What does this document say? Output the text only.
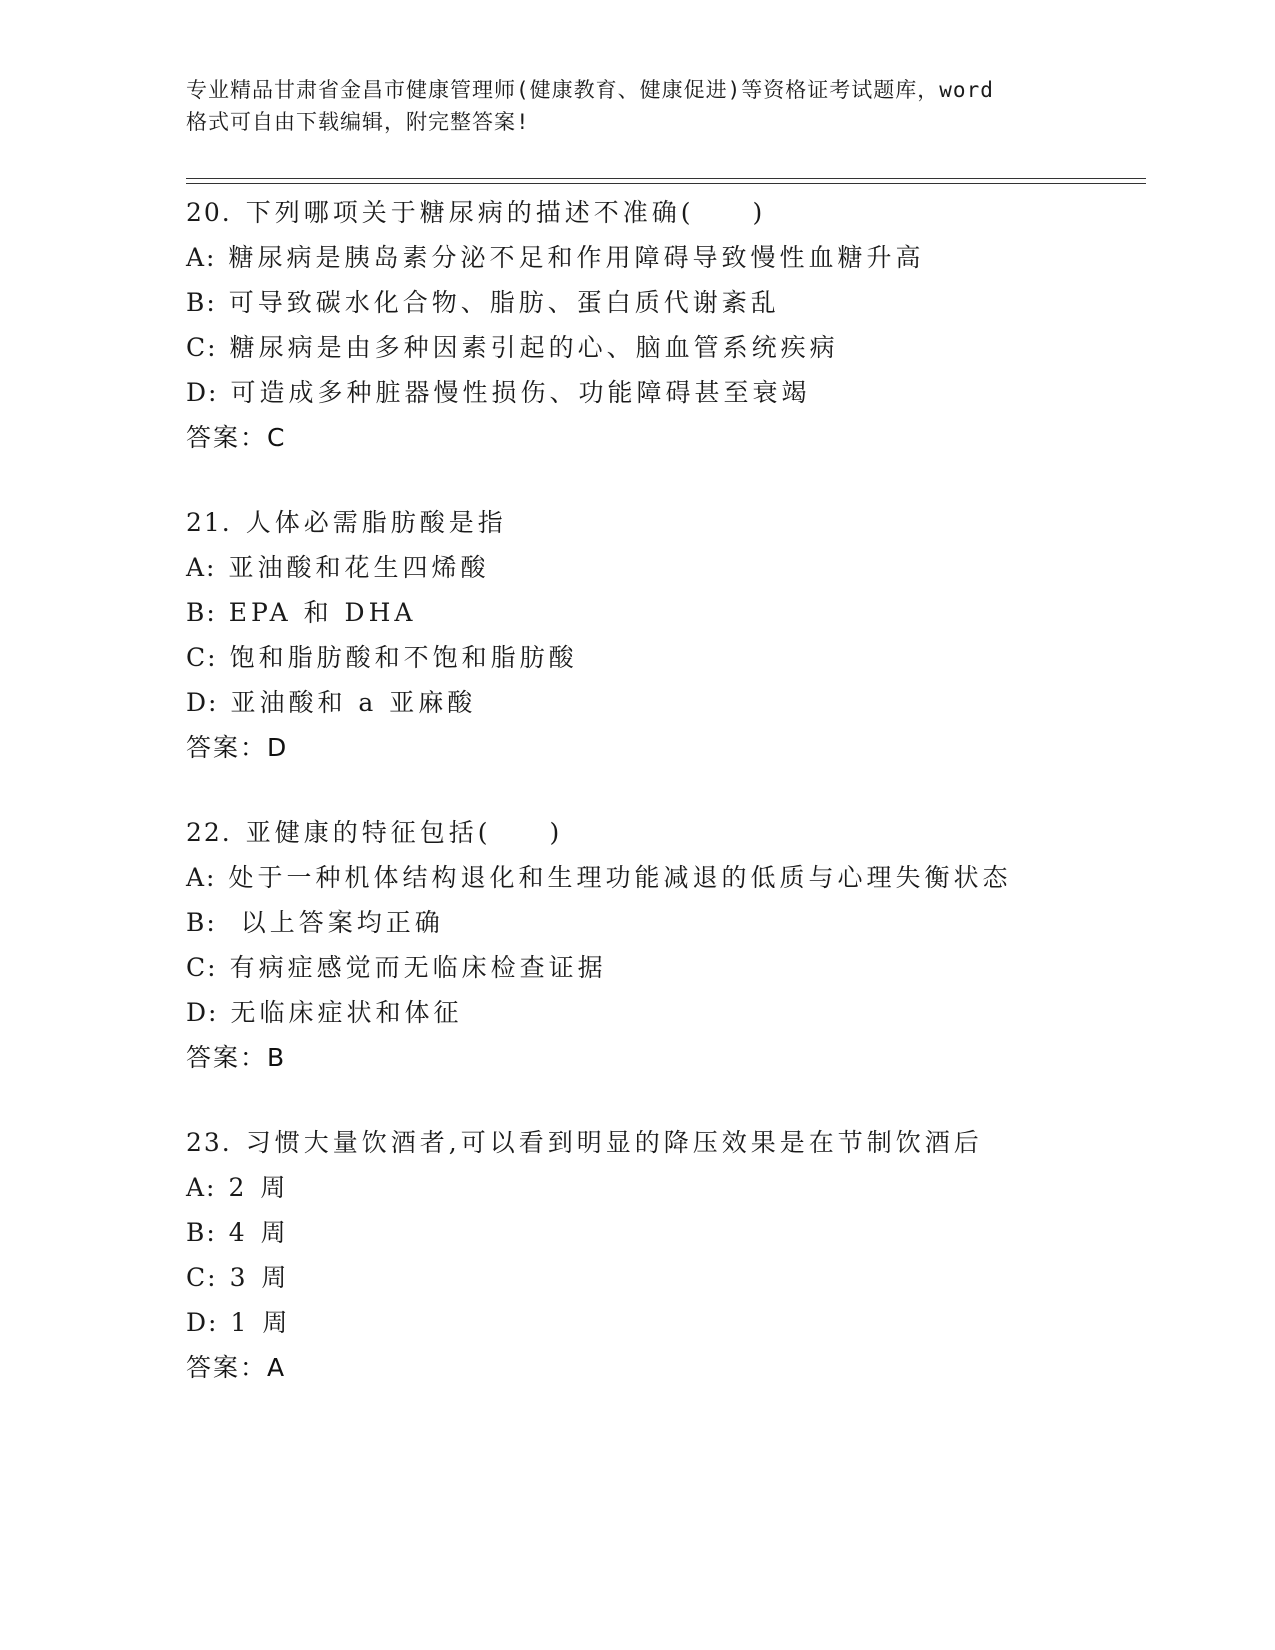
专业精品甘肃省金昌市健康管理师(健康教育、健康促进)等资格证考试题库，word
格式可自由下载编辑，附完整答案!
20. 下列哪项关于糖尿病的描述不准确(　　)
A: 糖尿病是胰岛素分泌不足和作用障碍导致慢性血糖升高
B: 可导致碳水化合物、脂肪、蛋白质代谢紊乱
C: 糖尿病是由多种因素引起的心、脑血管系统疾病
D: 可造成多种脏器慢性损伤、功能障碍甚至衰竭
答案：C
21. 人体必需脂肪酸是指
A: 亚油酸和花生四烯酸
B: EPA 和 DHA
C: 饱和脂肪酸和不饱和脂肪酸
D: 亚油酸和 a 亚麻酸
答案：D
22. 亚健康的特征包括(　　)
A: 处于一种机体结构退化和生理功能减退的低质与心理失衡状态
B: 以上答案均正确
C: 有病症感觉而无临床检查证据
D: 无临床症状和体征
答案：B
23. 习惯大量饮酒者,可以看到明显的降压效果是在节制饮酒后
A: 2 周
B: 4 周
C: 3 周
D: 1 周
答案：A
